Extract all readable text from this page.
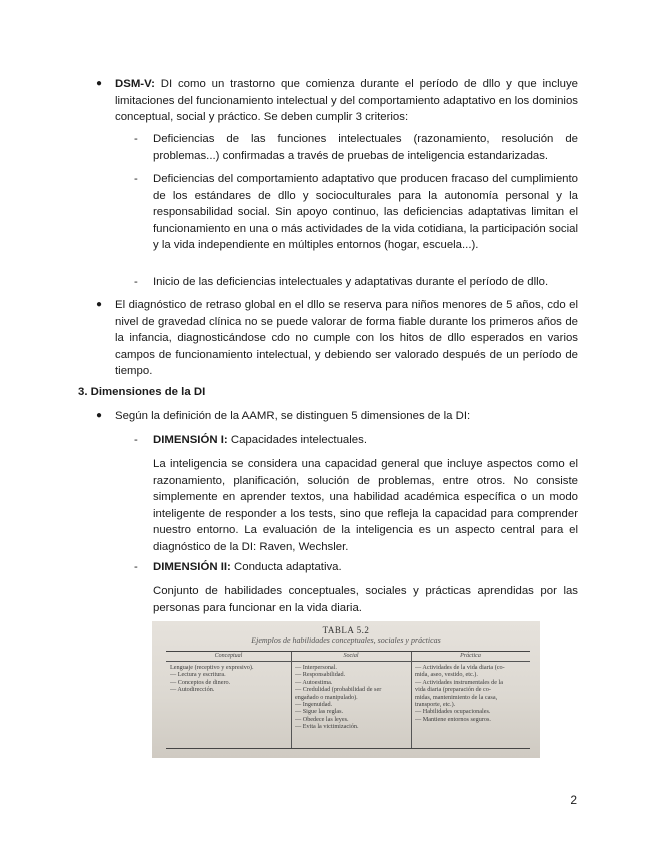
● DSM-V: DI como un trastorno que comienza durante el período de dllo y que incluye limitaciones del funcionamiento intelectual y del comportamiento adaptativo en los dominios conceptual, social y práctico. Se deben cumplir 3 criterios:

- Deficiencias de las funciones intelectuales (razonamiento, resolución de problemas...) confirmadas a través de pruebas de inteligencia estandarizadas.

- Deficiencias del comportamiento adaptativo que producen fracaso del cumplimiento de los estándares de dllo y socioculturales para la autonomía personal y la responsabilidad social. Sin apoyo continuo, las deficiencias adaptativas limitan el funcionamiento en una o más actividades de la vida cotidiana, la participación social y la vida independiente en múltiples entornos (hogar, escuela...).

- Inicio de las deficiencias intelectuales y adaptativas durante el período de dllo.

● El diagnóstico de retraso global en el dllo se reserva para niños menores de 5 años, cdo el nivel de gravedad clínica no se puede valorar de forma fiable durante los primeros años de la infancia, diagnosticándose cdo no cumple con los hitos de dllo esperados en varios campos de funcionamiento intelectual, y debiendo ser valorado después de un período de tiempo.

3. Dimensiones de la DI
● Según la definición de la AAMR, se distinguen 5 dimensiones de la DI:

- DIMENSIÓN I: Capacidades intelectuales.

La inteligencia se considera una capacidad general que incluye aspectos como el razonamiento, planificación, solución de problemas, entre otros. No consiste simplemente en aprender textos, una habilidad académica específica o un modo inteligente de responder a los tests, sino que refleja la capacidad para comprender nuestro entorno. La evaluación de la inteligencia es un aspecto central para el diagnóstico de la DI: Raven, Wechsler.

- DIMENSIÓN II: Conducta adaptativa.

Conjunto de habilidades conceptuales, sociales y prácticas aprendidas por las personas para funcionar en la vida diaria.

TABLA 5.2
Ejemplos de habilidades conceptuales, sociales y prácticas
Conceptual
Lenguaje (receptivo y expresivo).
— Lectura y escritura.
— Conceptos de dinero.
— Autodirección.
Social
— Interpersonal.
— Responsabilidad.
— Autoestima.
— Credulidad (probabilidad de ser
engañado o manipulado).
— Ingenuidad.
— Sigue las reglas.
— Obedece las leyes.
— Evita la victimización.
Práctica
— Actividades de la vida diaria (co-
mida, aseo, vestido, etc.).
— Actividades instrumentales de la
vida diaria (preparación de co-
midas, mantenimiento de la casa,
transporte, etc.).
— Habilidades ocupacionales.
— Mantiene entornos seguros.
2
